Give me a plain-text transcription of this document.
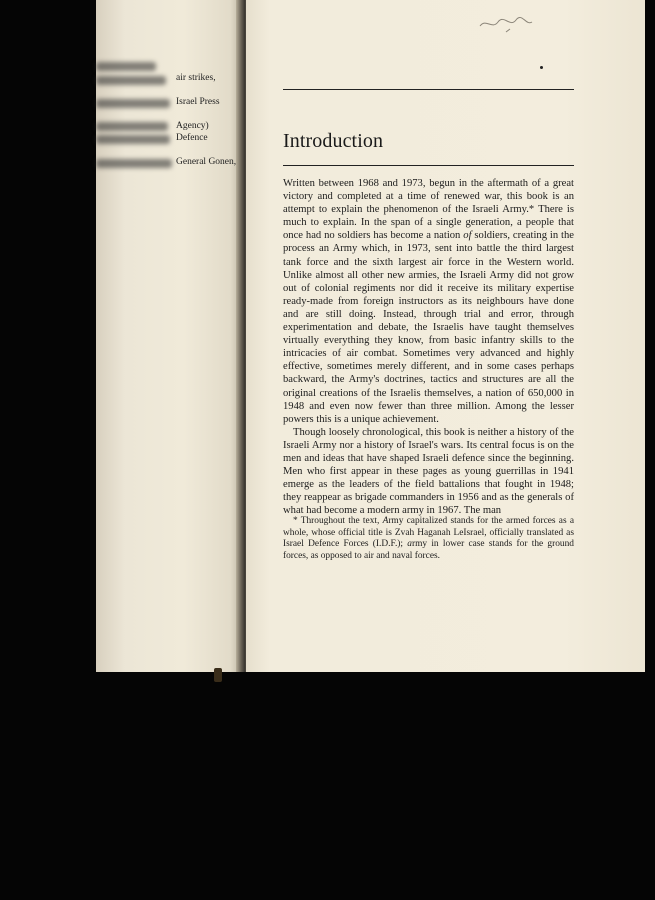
air strikes,
Israel Press
Agency)
Defence
General Gonen,
Introduction

Written between 1968 and 1973, begun in the aftermath of a great victory and completed at a time of renewed war, this book is an attempt to explain the phenomenon of the Israeli Army.* There is much to explain. In the span of a single generation, a people that once had no soldiers has become a nation of soldiers, creating in the process an Army which, in 1973, sent into battle the third largest tank force and the sixth largest air force in the Western world. Unlike almost all other new armies, the Israeli Army did not grow out of colonial regiments nor did it receive its military expertise ready-made from foreign instructors as its neighbours have done and are still doing. Instead, through trial and error, through experimentation and debate, the Israelis have taught themselves virtually everything they know, from basic infantry skills to the intricacies of air combat. Sometimes very advanced and highly effective, sometimes merely different, and in some cases perhaps backward, the Army's doctrines, tactics and structures are all the original creations of the Israelis themselves, a nation of 650,000 in 1948 and even now fewer than three million. Among the lesser powers this is a unique achievement.

Though loosely chronological, this book is neither a history of the Israeli Army nor a history of Israel's wars. Its central focus is on the men and ideas that have shaped Israeli defence since the beginning. Men who first appear in these pages as young guerrillas in 1941 emerge as the leaders of the field battalions that fought in 1948; they reappear as brigade commanders in 1956 and as the generals of what had become a modern army in 1967. The man

* Throughout the text, Army capitalized stands for the armed forces as a whole, whose official title is Zvah Haganah LeIsrael, officially translated as Israel Defence Forces (I.D.F.); army in lower case stands for the ground forces, as opposed to air and naval forces.
